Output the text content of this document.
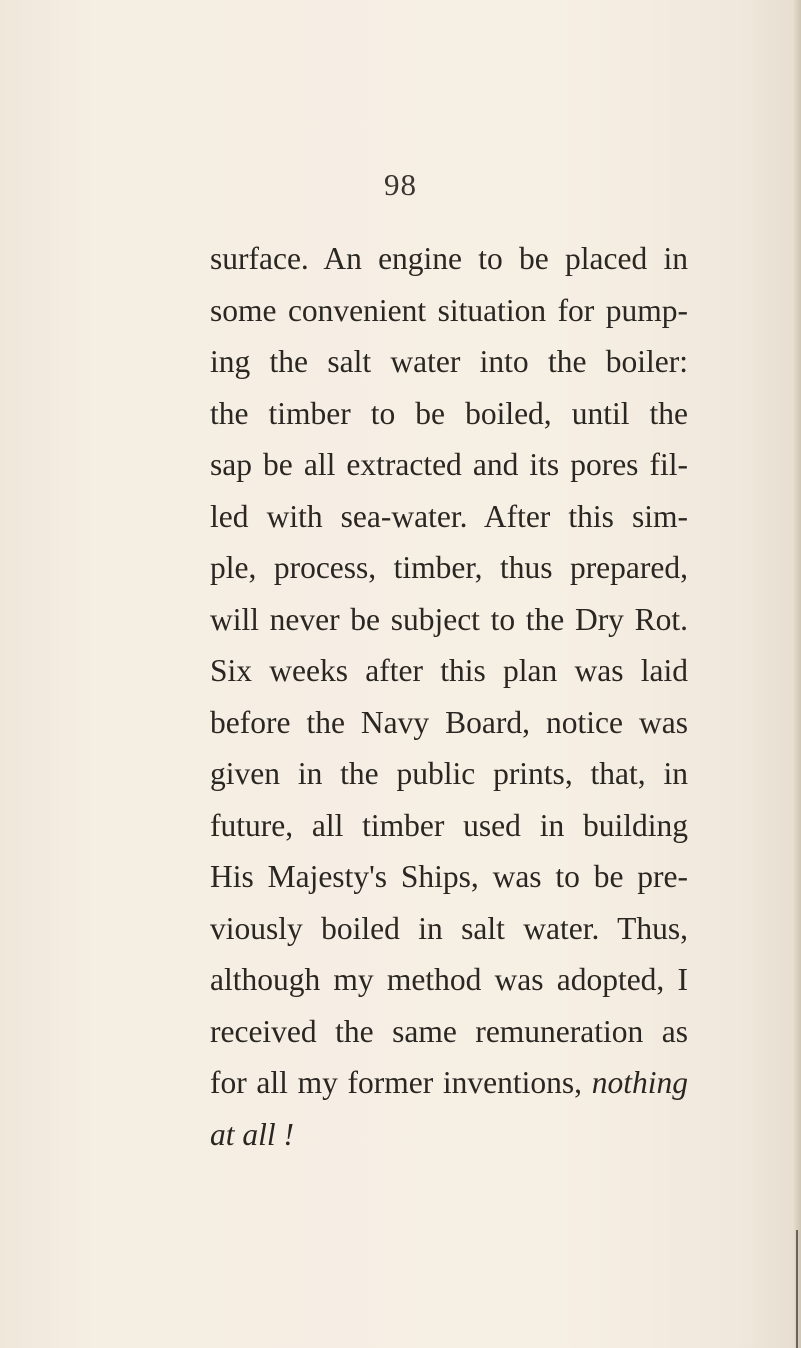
98
surface. An engine to be placed in
some convenient situation for pump-
ing the salt water into the boiler:
the timber to be boiled, until the
sap be all extracted and its pores fil-
led with sea-water. After this sim-
ple, process, timber, thus prepared,
will never be subject to the Dry Rot.
Six weeks after this plan was laid
before the Navy Board, notice was
given in the public prints, that, in
future, all timber used in building
His Majesty's Ships, was to be pre-
viously boiled in salt water. Thus,
although my method was adopted, I
received the same remuneration as
for all my former inventions, nothing
at all !
